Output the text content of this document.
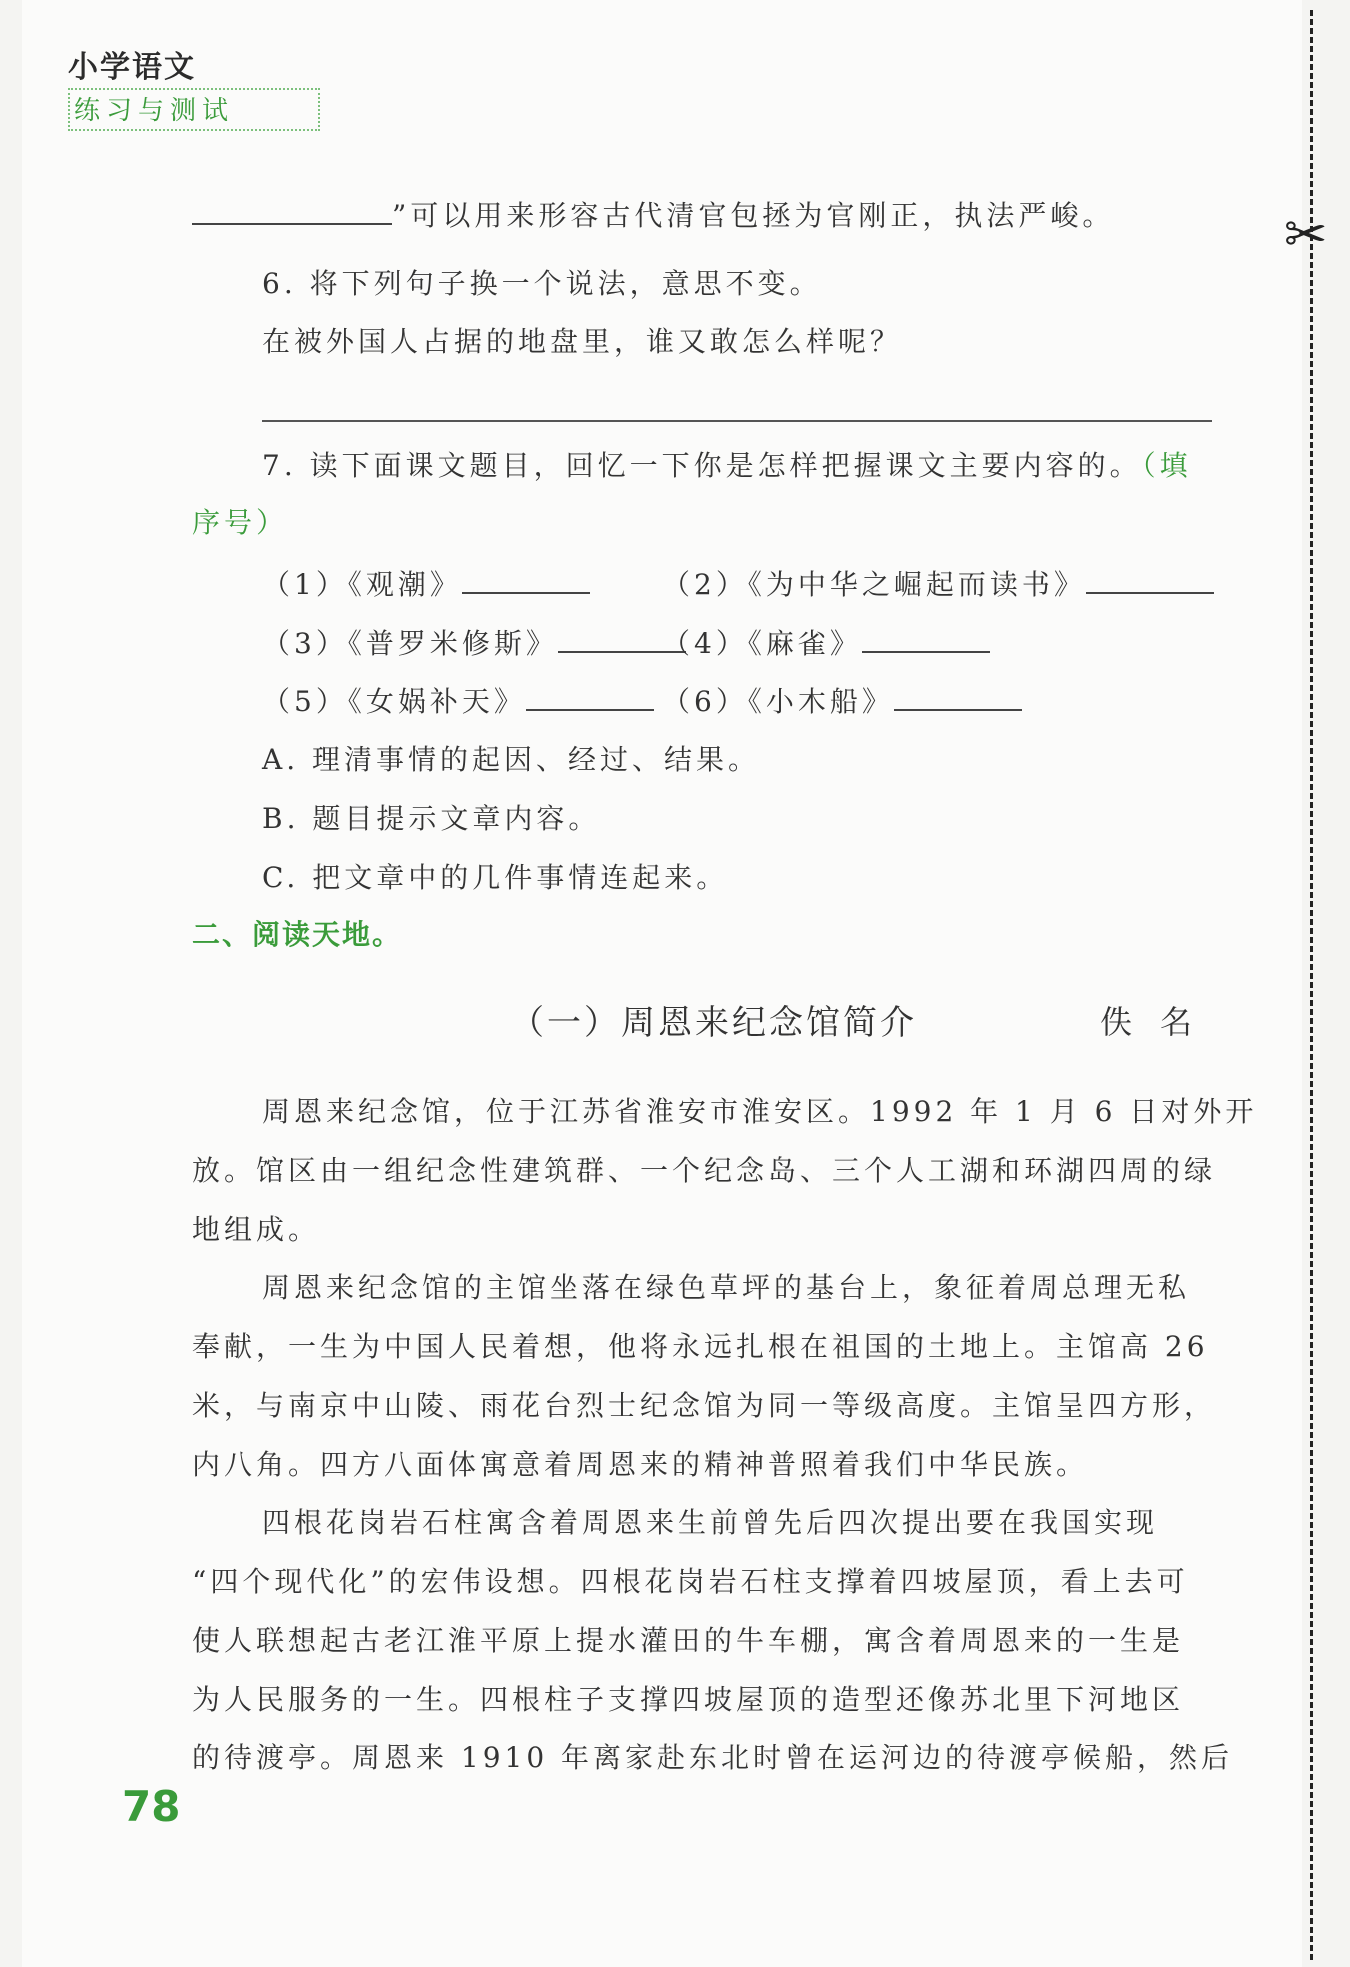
小学语文
练习与测试
✂
”可以用来形容古代清官包拯为官刚正，执法严峻。
6. 将下列句子换一个说法，意思不变。
在被外国人占据的地盘里，谁又敢怎么样呢？
7. 读下面课文题目，回忆一下你是怎样把握课文主要内容的。（填
序号）
（1）《观潮》	（2）《为中华之崛起而读书》
（3）《普罗米修斯》	（4）《麻雀》
（5）《女娲补天》	（6）《小木船》
A. 理清事情的起因、经过、结果。
B. 题目提示文章内容。
C. 把文章中的几件事情连起来。
二、阅读天地。
（一）周恩来纪念馆简介	佚名
周恩来纪念馆，位于江苏省淮安市淮安区。1992 年 1 月 6 日对外开
放。馆区由一组纪念性建筑群、一个纪念岛、三个人工湖和环湖四周的绿
地组成。
周恩来纪念馆的主馆坐落在绿色草坪的基台上，象征着周总理无私
奉献，一生为中国人民着想，他将永远扎根在祖国的土地上。主馆高 26
米，与南京中山陵、雨花台烈士纪念馆为同一等级高度。主馆呈四方形，
内八角。四方八面体寓意着周恩来的精神普照着我们中华民族。
四根花岗岩石柱寓含着周恩来生前曾先后四次提出要在我国实现
“四个现代化”的宏伟设想。四根花岗岩石柱支撑着四坡屋顶，看上去可
使人联想起古老江淮平原上提水灌田的牛车棚，寓含着周恩来的一生是
为人民服务的一生。四根柱子支撑四坡屋顶的造型还像苏北里下河地区
的待渡亭。周恩来 1910 年离家赴东北时曾在运河边的待渡亭候船，然后
78
